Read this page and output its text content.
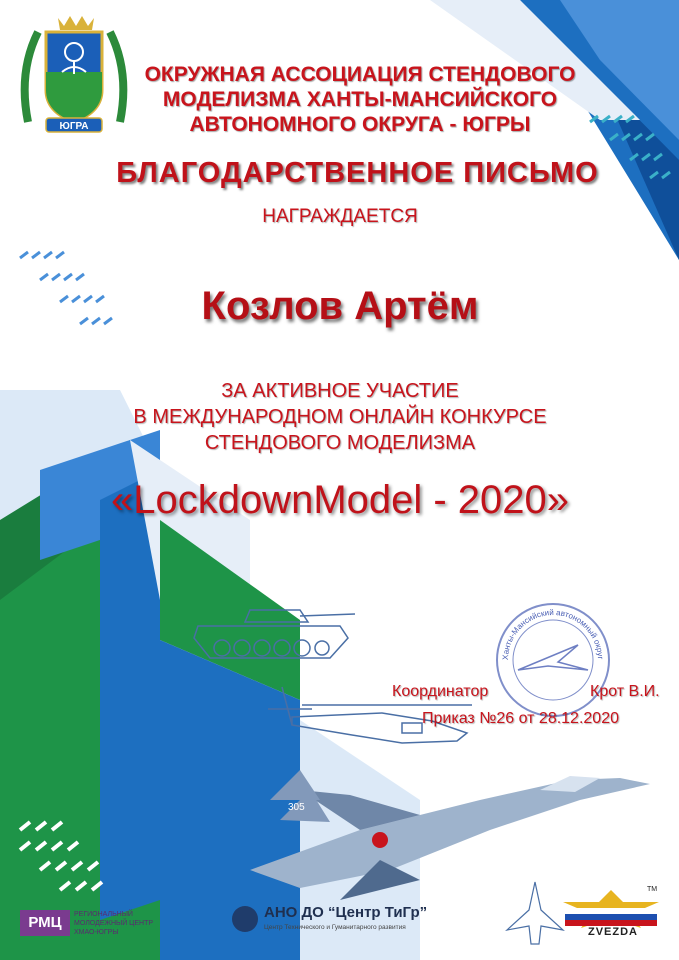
ЮГРА
ОКРУЖНАЯ АССОЦИАЦИЯ СТЕНДОВОГО
МОДЕЛИЗМА ХАНТЫ-МАНСИЙСКОГО
АВТОНОМНОГО ОКРУГА - ЮГРЫ
БЛАГОДАРСТВЕННОЕ ПИСЬМО
НАГРАЖДАЕТСЯ
Козлов Артём
ЗА АКТИВНОЕ УЧАСТИЕ
В МЕЖДУНАРОДНОМ ОНЛАЙН КОНКУРСЕ
СТЕНДОВОГО МОДЕЛИЗМА
«LockdownModel - 2020»
Ханты-Мансийский автономный округ
Координатор	Крот В.И.
Приказ №26 от 28.12.2020
305
РМЦ	РЕГИОНАЛЬНЫЙ МОЛОДЕЖНЫЙ ЦЕНТР ХМАО-ЮГРЫ
АНО ДО “Центр ТиГр”
Центр Технического и Гуманитарного развития
TM
ZVEZDA
